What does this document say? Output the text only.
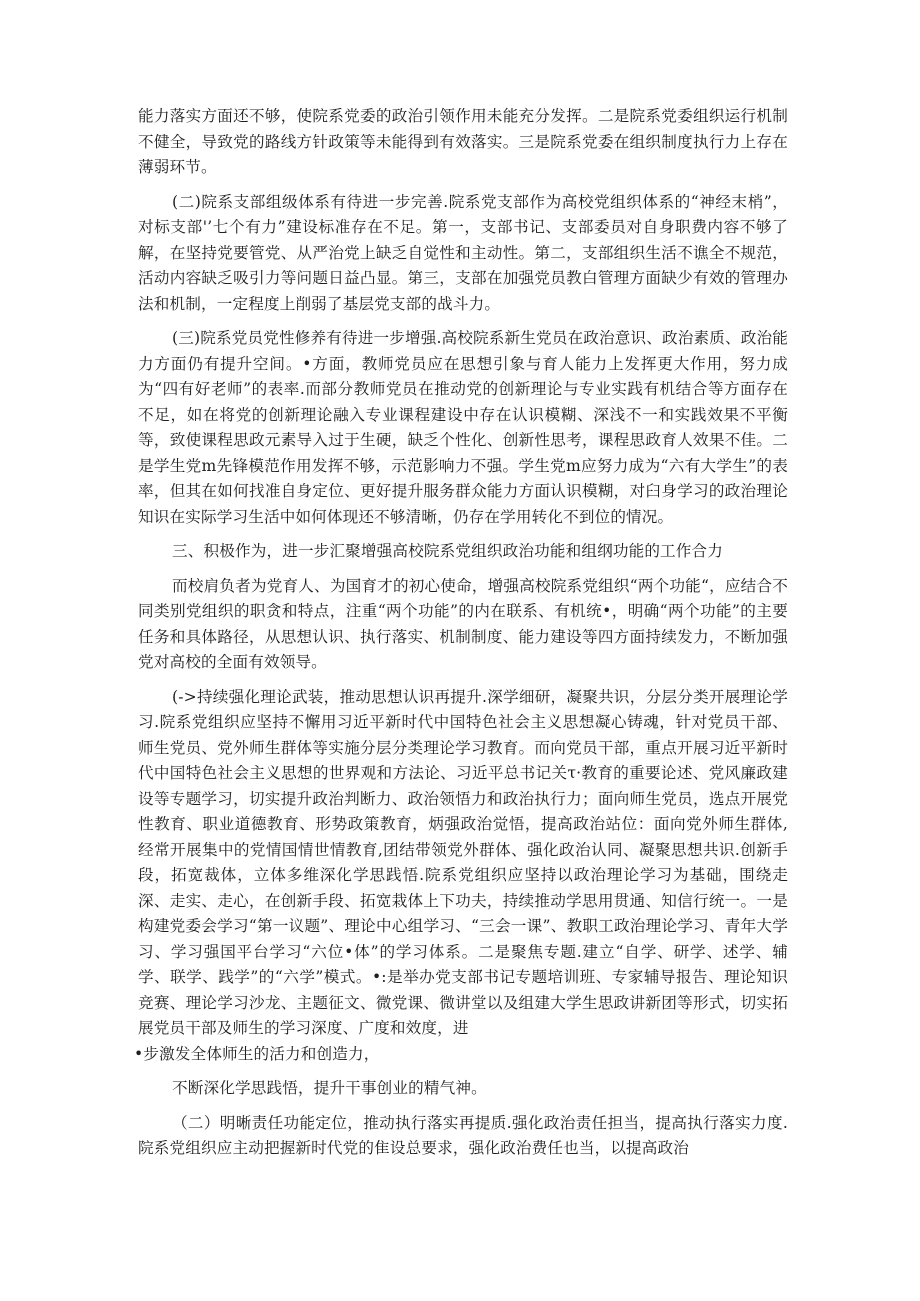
能力落实方面还不够，使院系党委的政治引领作用未能充分发挥。二是院系党委组织运行机制不健全，导致党的路线方针政策等未能得到有效落实。三是院系党委在组织制度执行力上存在薄弱环节。

(二)院系支部组级体系有待进一步完善.院系党支部作为高校党组织体系的“神经末梢”，对标支部'’七个有力”建设标准存在不足。第一，支部书记、支部委员对自身职费内容不够了解，在坚持党要管党、从严治党上缺乏自觉性和主动性。第二，支部组织生活不谯全不规范，活动内容缺乏吸引力等问题日益凸显。第三，支部在加强党员教白管理方面缺少有效的管理办法和机制，一定程度上削弱了基层党支部的战斗力。

(三)院系党员党性修养有待进一步增强.高校院系新生党员在政治意识、政治素质、政治能力方面仍有提升空间。•方面，教师党员应在思想引象与育人能力上发挥更大作用，努力成为“四有好老师”的表率.而部分教师党员在推动党的创新理论与专业实践有机结合等方面存在不足，如在将党的创新理论融入专业课程建设中存在认识模糊、深浅不一和实践效果不平衡等，致使课程思政元素导入过于生硬，缺乏个性化、创新性思考，课程思政育人效果不佳。二是学生党m先锋模范作用发挥不够，示范影响力不强。学生党m应努力成为“六有大学生”的表率，但其在如何找准自身定位、更好提升服务群众能力方面认识模糊，对臼身学习的政治理论知识在实际学习生活中如何体现还不够清晰，仍存在学用转化不到位的情况。

三、积极作为，进一步汇聚增强高校院系党组织政治功能和组纲功能的工作合力

而校肩负者为党育人、为国育才的初心使命，增强高校院系党组织“两个功能“，应结合不同类别党组织的职贪和特点，注重“两个功能”的内在联系、有机统•，明确“两个功能”的主要任务和具体路径，从思想认识、执行落实、机制制度、能力建设等四方面持续发力，不断加强党对高校的全面有效领导。

(->持续强化理论武装，推动思想认识再提升.深学细研，凝聚共识，分层分类开展理论学习.院系党组织应坚持不懈用习近平新时代中国特色社会主义思想凝心铸魂，针对党员干部、师生党员、党外师生群体等实施分层分类理论学习教育。而向党员干部，重点开展习近平新时代中国特色社会主义思想的世界观和方法论、习近平总书记关τ·教育的重要论述、党风廉政建设等专题学习，切实提升政治判断力、政治领悟力和政治执行力；面向师生党员，选点开展党性教育、职业道德教育、形势政策教育，炳强政治觉悟，提高政治站位：面向党外师生群体,经常开展集中的党情国情世情教育,团结带领党外群体、强化政治认同、凝聚思想共识.创新手段，拓宽裁体，立体多维深化学思践悟.院系党组织应坚持以政治理论学习为基础，围绕走深、走实、走心，在创新手段、拓宽栽体上下功夫，持续推动学思用贯通、知信行统一。一是构建党委会学习“第一议题”、理论中心组学习、“三会一课”、教职工政治理论学习、青年大学习、学习强国平台学习“六位•体”的学习体系。二是聚焦专题.建立“自学、研学、述学、辅学、联学、践学”的“六学”模式。•:是举办党支部书记专题培训班、专家辅导报告、理论知识竞赛、理论学习沙龙、主题征文、微党课、微讲堂以及组建大学生思政讲新团等形式，切实拓展党员干部及师生的学习深度、广度和效度，进

•步激发全体师生的活力和创造力，

不断深化学思践悟，提升干事创业的精气神。

（二）明晰责任功能定位，推动执行落实再提质.强化政治责任担当，提高执行落实力度.院系党组织应主动把握新时代党的隹设总要求，强化政治费任也当，以提高政治
